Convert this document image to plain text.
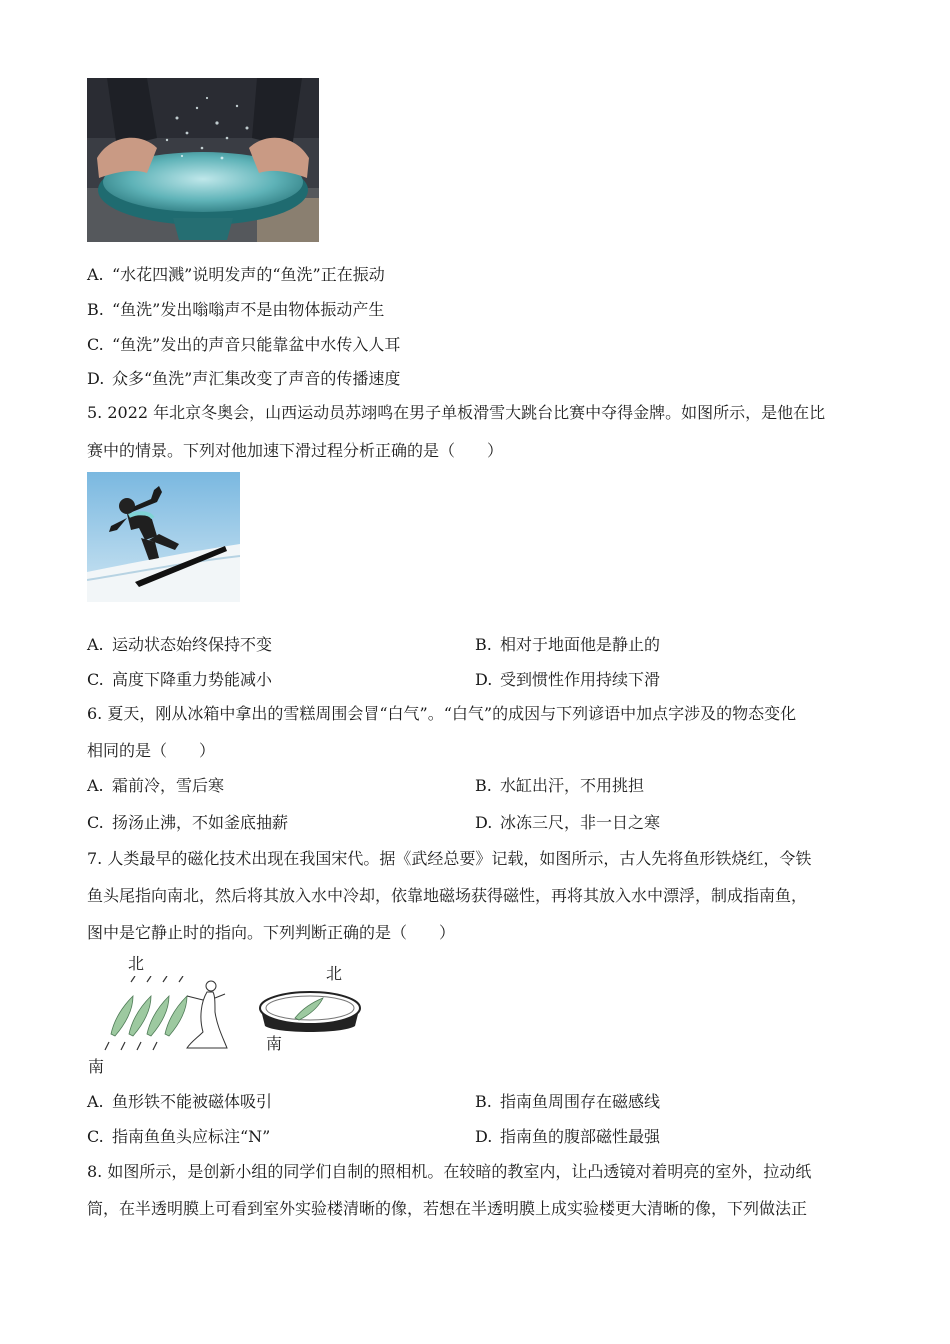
A. “水花四溅”说明发声的“鱼洗”正在振动
B. “鱼洗”发出嗡嗡声不是由物体振动产生
C. “鱼洗”发出的声音只能靠盆中水传入人耳
D. 众多“鱼洗”声汇集改变了声音的传播速度
5. 2022 年北京冬奥会，山西运动员苏翊鸣在男子单板滑雪大跳台比赛中夺得金牌。如图所示，是他在比
赛中的情景。下列对他加速下滑过程分析正确的是（　　）
A. 运动状态始终保持不变	B. 相对于地面他是静止的
C. 高度下降重力势能减小	D. 受到惯性作用持续下滑
6. 夏天，刚从冰箱中拿出的雪糕周围会冒“白气”。“白气”的成因与下列谚语中加点字涉及的物态变化
相同的是（　　）
A. 霜前冷，雪后寒	B. 水缸出汗，不用挑担
C. 扬汤止沸，不如釜底抽薪	D. 冰冻三尺，非一日之寒
7. 人类最早的磁化技术出现在我国宋代。据《武经总要》记载，如图所示，古人先将鱼形铁烧红，令铁
鱼头尾指向南北，然后将其放入水中冷却，依靠地磁场获得磁性，再将其放入水中漂浮，制成指南鱼，
图中是它静止时的指向。下列判断正确的是（　　）
北
南
北
南
A. 鱼形铁不能被磁体吸引	B. 指南鱼周围存在磁感线
C. 指南鱼鱼头应标注“N”	D. 指南鱼的腹部磁性最强
8. 如图所示，是创新小组的同学们自制的照相机。在较暗的教室内，让凸透镜对着明亮的室外，拉动纸
筒，在半透明膜上可看到室外实验楼清晰的像，若想在半透明膜上成实验楼更大清晰的像，下列做法正
